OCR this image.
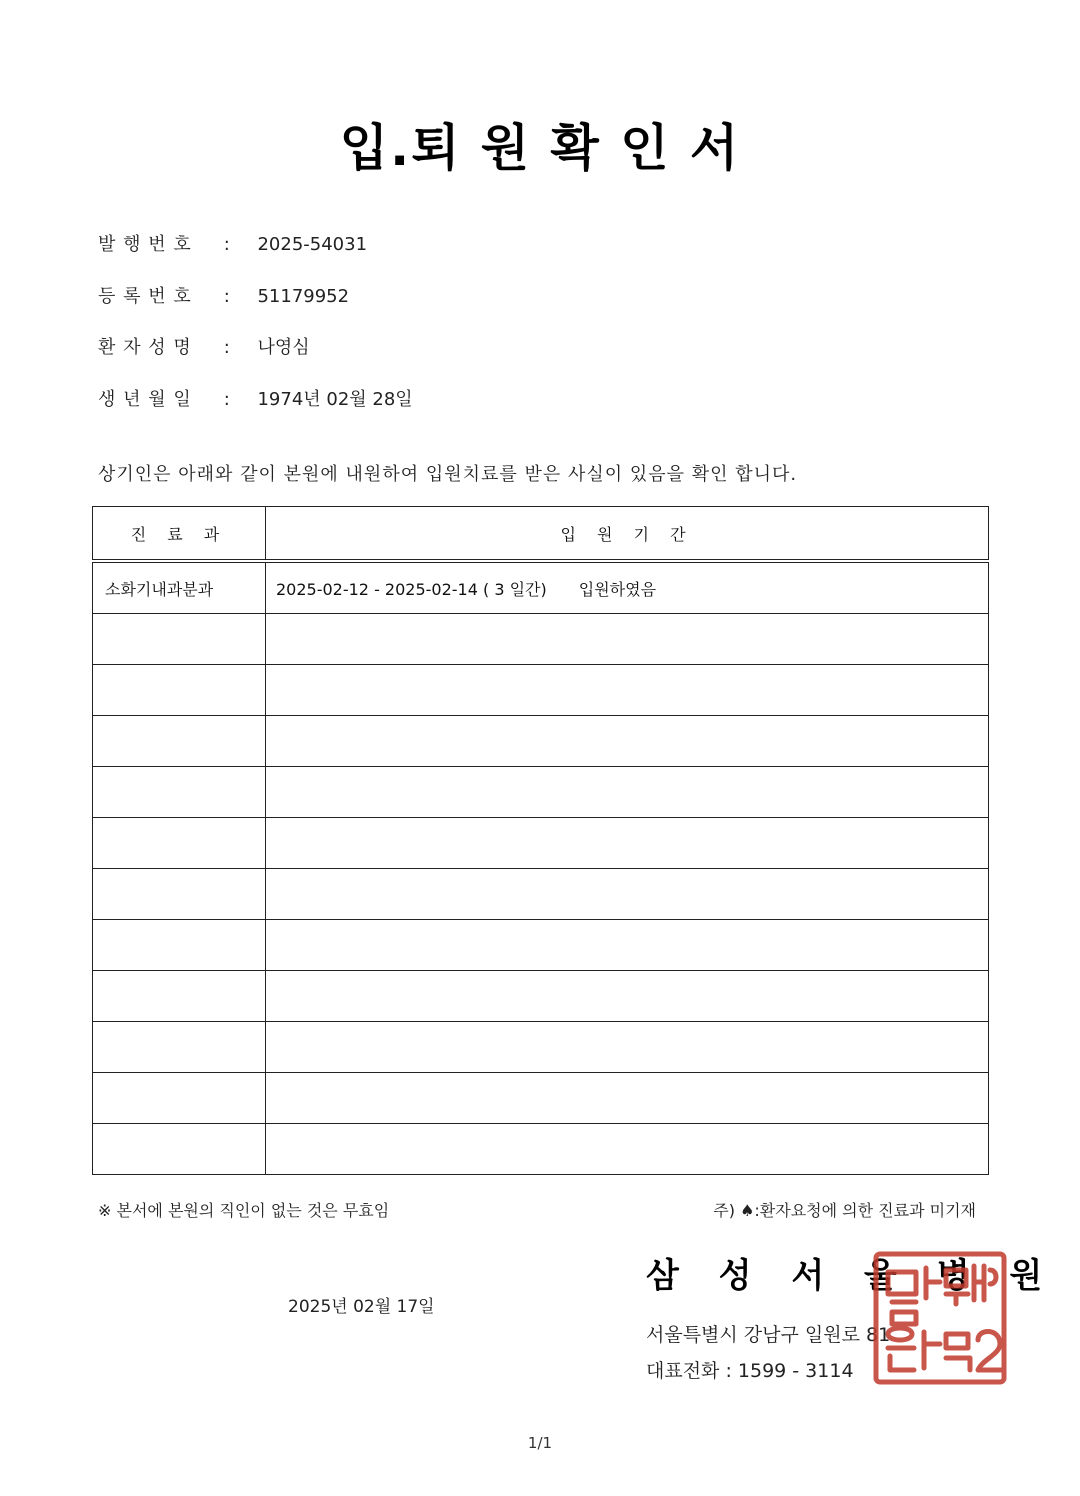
입.퇴 원 확 인 서
발 행 번 호 : 2025-54031
등 록 번 호 : 51179952
환 자 성 명 : 나영심
생 년 월 일 : 1974년 02월 28일
상기인은 아래와 같이 본원에 내원하여 입원치료를 받은 사실이 있음을 확인 합니다.
진 료 과	입 원 기 간
소화기내과분과	2025-02-12 - 2025-02-14 ( 3 일간) 입원하였음

※ 본서에 본원의 직인이 없는 것은 무효임	주) ♠:환자요청에 의한 진료과 미기재
2025년 02월 17일
삼 성 서 울 병 원
서울특별시 강남구 일원로 81
대표전화 : 1599 - 3114
1/1
